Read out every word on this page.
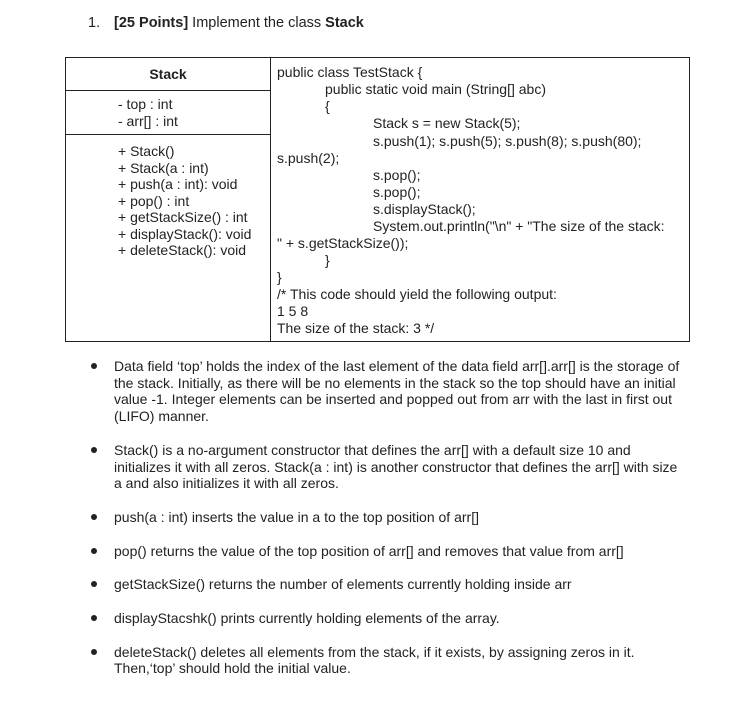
1. [25 Points] Implement the class Stack
Stack
- top : int
- arr[] : int
+ Stack()
+ Stack(a : int)
+ push(a : int): void
+ pop() : int
+ getStackSize() : int
+ displayStack(): void
+ deleteStack(): void

public class TestStack {
public static void main (String[] abc)
{
Stack s = new Stack(5);
s.push(1); s.push(5); s.push(8); s.push(80);
s.push(2);
s.pop();
s.pop();
s.displayStack();
System.out.println("\n" + "The size of the stack:
" + s.getStackSize());
}
}
/* This code should yield the following output:
1 5 8
The size of the stack: 3 */
Data field ‘top’ holds the index of the last element of the data field arr[].arr[] is the storage of the stack. Initially, as there will be no elements in the stack so the top should have an initial value -1. Integer elements can be inserted and popped out from arr with the last in first out (LIFO) manner.
Stack() is a no-argument constructor that defines the arr[] with a default size 10 and initializes it with all zeros. Stack(a : int) is another constructor that defines the arr[] with size a and also initializes it with all zeros.
push(a : int) inserts the value in a to the top position of arr[]
pop() returns the value of the top position of arr[] and removes that value from arr[]
getStackSize() returns the number of elements currently holding inside arr
displayStacshk() prints currently holding elements of the array.
deleteStack() deletes all elements from the stack, if it exists, by assigning zeros in it. Then,‘top’ should hold the initial value.
